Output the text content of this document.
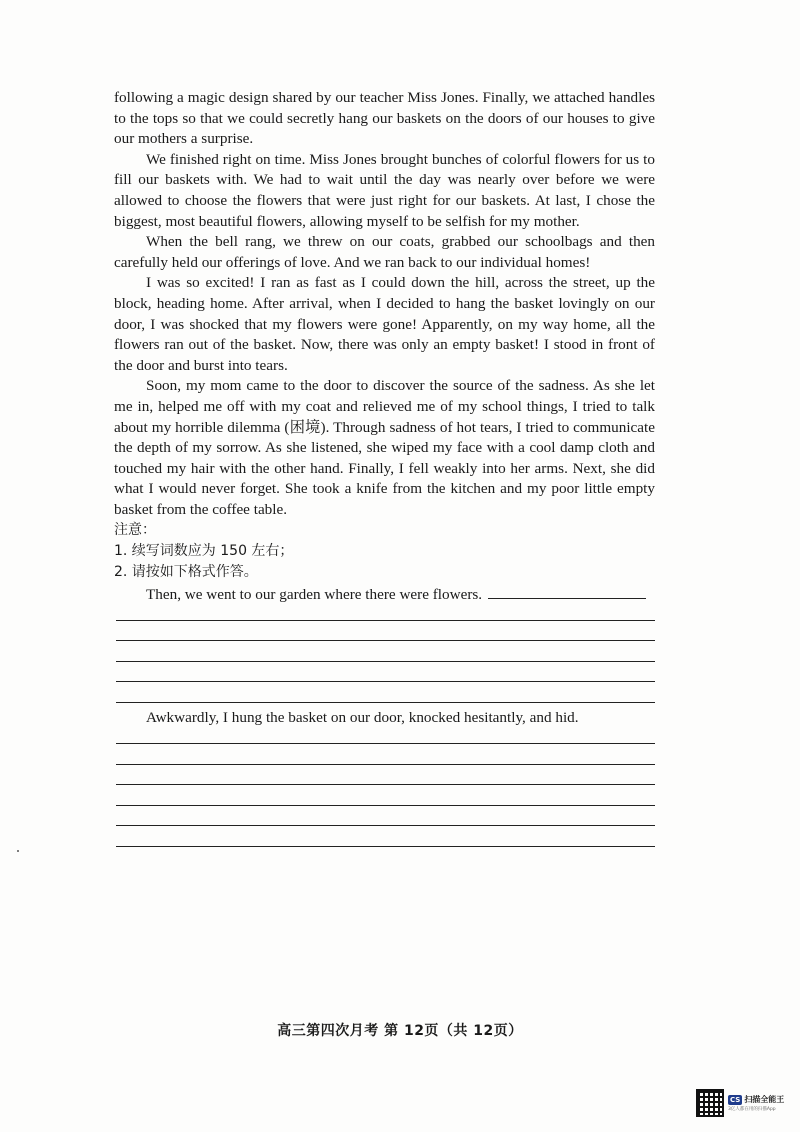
following a magic design shared by our teacher Miss Jones. Finally, we attached handles to the tops so that we could secretly hang our baskets on the doors of our houses to give our mothers a surprise.

We finished right on time. Miss Jones brought bunches of colorful flowers for us to fill our baskets with. We had to wait until the day was nearly over before we were allowed to choose the flowers that were just right for our baskets. At last, I chose the biggest, most beautiful flowers, allowing myself to be selfish for my mother.

When the bell rang, we threw on our coats, grabbed our schoolbags and then carefully held our offerings of love. And we ran back to our individual homes!

I was so excited! I ran as fast as I could down the hill, across the street, up the block, heading home. After arrival, when I decided to hang the basket lovingly on our door, I was shocked that my flowers were gone! Apparently, on my way home, all the flowers ran out of the basket. Now, there was only an empty basket! I stood in front of the door and burst into tears.

Soon, my mom came to the door to discover the source of the sadness. As she let me in, helped me off with my coat and relieved me of my school things, I tried to talk about my horrible dilemma (困境). Through sadness of hot tears, I tried to communicate the depth of my sorrow. As she listened, she wiped my face with a cool damp cloth and touched my hair with the other hand. Finally, I fell weakly into her arms. Next, she did what I would never forget. She took a knife from the kitchen and my poor little empty basket from the coffee table.

注意：

1. 续写词数应为 150 左右；

2. 请按如下格式作答。

Then, we went to our garden where there were flowers.
Awkwardly, I hung the basket on our door, knocked hesitantly, and hid.
高三第四次月考 第 12页（共 12页）
CS 扫描全能王
3亿人都在用的扫描App
